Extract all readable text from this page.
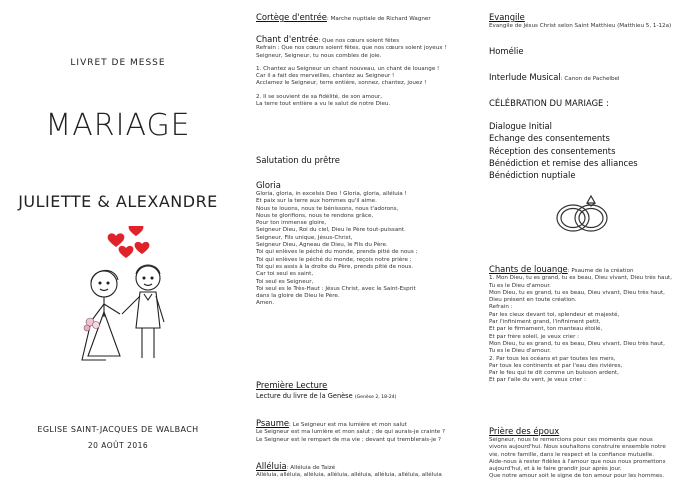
LIVRET DE MESSE
MARIAGE
JULIETTE & ALEXANDRE
EGLISE SAINT-JACQUES DE WALBACH
20 AOÛT 2016
Cortège d'entrée: Marche nuptiale de Richard Wagner
Chant d'entrée: Que nos cœurs soient fêtes
Refrain : Que nos cœurs soient fêtes, que nos cœurs soient joyeux !
Seigneur, Seigneur, tu nous combles de joie.
1. Chantez au Seigneur un chant nouveau, un chant de louange !
Car il a fait des merveilles, chantez au Seigneur !
Acclamez le Seigneur, terre entière, sonnez, chantez, jouez !
2. Il se souvient de sa fidélité, de son amour,
La terre tout entière a vu le salut de notre Dieu.
Salutation du prêtre
Gloria
Gloria, gloria, in excelsis Deo ! Gloria, gloria, alléluia !
Et paix sur la terre aux hommes qu'il aime.
Nous te louons, nous te bénissons, nous t'adorons,
Nous te glorifions, nous te rendons grâce,
Pour ton immense gloire,
Seigneur Dieu, Roi du ciel, Dieu le Père tout-puissant.
Seigneur, Fils unique, Jésus-Christ,
Seigneur Dieu, Agneau de Dieu, le Fils du Père.
Toi qui enlèves le péché du monde, prends pitié de nous ;
Toi qui enlèves le péché du monde, reçois notre prière ;
Toi qui es assis à la droite du Père, prends pitié de nous.
Car toi seul es saint,
Toi seul es Seigneur,
Toi seul es le Très-Haut : Jésus Christ, avec le Saint-Esprit
dans la gloire de Dieu le Père.
Amen.
Première Lecture
Lecture du livre de la Genèse (Genèse 2, 18-24)
Psaume: Le Seigneur est ma lumière et mon salut
Le Seigneur est ma lumière et mon salut ; de qui aurais-je crainte ?
Le Seigneur est le rempart de ma vie ; devant qui tremblerais-je ?
Alléluia: Alléluia de Taizé
Alléluia, alléluia, alléluia, alléluia, alléluia, alléluia, alléluia, alléluia
Evangile
Evangile de Jésus Christ selon Saint Matthieu (Matthieu 5, 1-12a)
Homélie
Interlude Musical: Canon de Pachelbel
CÉLÉBRATION DU MARIAGE :
Dialogue Initial
Echange des consentements
Réception des consentements
Bénédiction et remise des alliances
Bénédiction nuptiale
Chants de louange: Psaume de la création
1. Mon Dieu, tu es grand, tu es beau, Dieu vivant, Dieu très haut,
Tu es le Dieu d'amour.
Mon Dieu, tu es grand, tu es beau, Dieu vivant, Dieu très haut,
Dieu présent en toute création.
Refrain :
Par les cieux devant toi, splendeur et majesté,
Par l'infiniment grand, l'infiniment petit,
Et par le firmament, ton manteau étoilé,
Et par frère soleil, je veux crier :
Mon Dieu, tu es grand, tu es beau, Dieu vivant, Dieu très haut,
Tu es le Dieu d'amour.
2. Par tous les océans et par toutes les mers,
Par tous les continents et par l'eau des rivières,
Par le feu qui te dit comme un buisson ardent,
Et par l'aile du vent, je veux crier :
Prière des époux
Seigneur, nous te remercions pour ces moments que nous
vivons aujourd'hui. Nous souhaitons construire ensemble notre
vie, notre famille, dans le respect et la confiance mutuelle.
Aide-nous à rester fidèles à l'amour que nous nous promettons
aujourd'hui, et à le faire grandir jour après jour.
Que notre amour soit le signe de ton amour pour les hommes.
